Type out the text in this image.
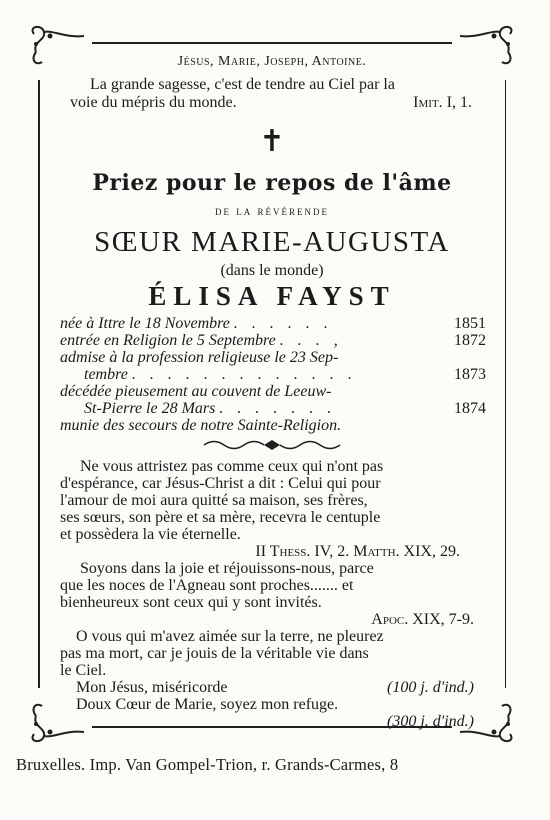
Jésus, Marie, Joseph, Antoine.
La grande sagesse, c'est de tendre au Ciel par la
voie du mépris du monde.	Imit. I, 1.
✝
Priez pour le repos de l'âme
de la révérende
SŒUR MARIE-AUGUSTA
(dans le monde)
ÉLISA FAYST
née à Ittre le 18 Novembre . . . . . .	1851
entrée en Religion le 5 Septembre . . . ,	1872
admise à la profession religieuse le 23 Sep-
tembre . . . . . . . . . . . . .	1873
décédée pieusement au couvent de Leeuw-
St-Pierre le 28 Mars . . . . . . .	1874
munie des secours de notre Sainte-Religion.
Ne vous attristez pas comme ceux qui n'ont pas
d'espérance, car Jésus-Christ a dit : Celui qui pour
l'amour de moi aura quitté sa maison, ses frères,
ses sœurs, son père et sa mère, recevra le centuple
et possèdera la vie éternelle.
II Thess. IV, 2. Matth. XIX, 29.
Soyons dans la joie et réjouissons-nous, parce
que les noces de l'Agneau sont proches....... et
bienheureux sont ceux qui y sont invités.
Apoc. XIX, 7-9.
O vous qui m'avez aimée sur la terre, ne pleurez
pas ma mort, car je jouis de la véritable vie dans
le Ciel.
Mon Jésus, miséricorde	(100 j. d'ind.)
Doux Cœur de Marie, soyez mon refuge.
(300 j. d'ind.)
Bruxelles. Imp. Van Gompel-Trion, r. Grands-Carmes, 8
